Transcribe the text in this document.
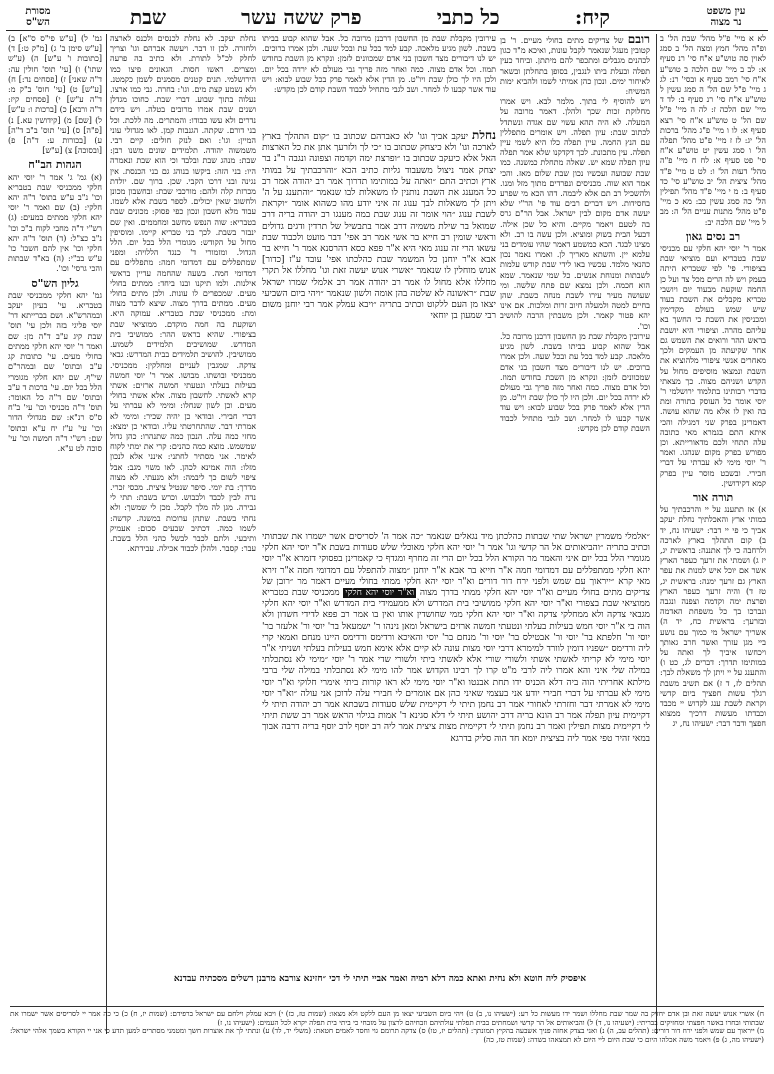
מסורת
הש"ס	קיח:
כל כתבי
פרק ששה עשר
שבת	עין משפט
נר מצוה

גמ' ל) [ע"ש פי"ס ס"א] ב) [ע"ש סימן ב' ג) [מ"ק ט:] ד) [כתובות ו' ע"ש] ה) (ע"ש שתו') ו) [עי' תוס' חולין עה: ד"ה שאני] ז) [פסחים נד:] ח) [ע"ש] ט) [עי' חוס' ב"ק מ: ד"ה ע"ש] י) [פסחים קיז: ד"ה ורבא] כ) [ברכות ו: ע"ש] ל) [שם] מ) [קידושין עא.] נ) [פ"ה] ס) [עי' תוס' ב"ב ד"ה] ע) [בכורות ע: ד"ה] פ) [ובסוכה] צ) [ע"ש]

הגהות הב"ח

(א) גמ' ג' אמר ר' יוסי יהא חלקי ממכניסי שבת בטבריא וכו' נ"ב ע"ש בתוס' ד"ה יהא חלקי: (ב) שם ואמר ר' יוסי יהא חלקי ממתים במעים: (ג) רש"י ד"ה מחבי לקוח ב"כ וכו' נ"ב כצ"ל: (ד) תוס' ד"ה יהא חלקי וכו' אין להם חשבו' כו' ע"ש בב"י: (ה) בא"ד שבתות והכי גרסי' וכו'.

גליון הש"ס

גמ' יהא חלקי ממכניסי שבת בטבריא. עי' בעיון יעקב ובמהרש"א. ושם בברייתא דר' יוסי פליגי בזה ולכן עי' תוס' שבת קיג ע"ב ד"ה מן: שם ואמר ר' יוסי יהא חלקי ממתים בחולי מעים. עי' כתובות קג ע"ב ובתוס' שם ובמהר"ם שי"ף. שם יהא חלקי מגומרי הלל בכל יום. עי' ברכות ד ע"ב ובתוס' שם ד"ה כל האומר: תוס' ד"ה מכניסי וכו' עי' ב"ח ס"ס רנ"א: שם מגדולי הדור וכו' עי' ע"ז יח ע"א ובתוס' שם: רש"י ד"ה חמשה וכו' עי' סוכה לט ע"א.

נחלת יעקב. לא נחלת לכנסים ולכנס לארצה ולחזרה. לכן זו דבר. ויעשה אברהם וגו' וצריך לחלק לכ"ל לתורת. ולא כתיב בה פרעה ומצרים. ראשו חסות. הגאונים פיצו כמו הירושלמי. תנים קטנים מסמנים לשמן כקמטנ. ולא נשמע קצת מים. וגו': בחרה. גבי כמו ארצו. נעלוה בתוך שבוע. דברי שבת. כחוכו מגדלן ושנים שבת אמרו מרובים בטלה. ויש בידם נדרים ולא עשו כבודו: והמתרים. מה ללכת. וכל בני דורם. שקתה. הגנבות קמן. לאו מגדולי עוני המיין: וגו': ואם לנזק חולים: קיים רבי. משמשוה יהודה. תלמידים שונים משנו רבן: שבת: מנהג שבת ובלבד וכי הוא שבת ונאמרה היו: בני הזה: ביקשו בנוהג גם בני הכנסת. אין נגינה ובני דרכו הקבי. שכן. ברוך שם. יולדת מכרזת קלה ולהם: מורכבי שבת: ובחשבון מכונן ולחשוב שאין יכולים. לספר בשבת אלא לשמו. עבוד מלא חשבון ונכון כפי פסוק: מכונים שבת בטבריא: שוה הנפש מחשב ומחממים. ואין שם ינבזר בשבת. לכך בני טבריא קיימו. ומוסיפין מחול על הקודש: מגומרי הלל בכל יום. הלל הגדול. ומזמורי ד' כנגד הללויה: ומפני שמתפללים עם דמדומי חמה: מתפללים עם דמדומי חמה. בשעה שהחמה עדיין בראשי אילנות. ולמו תיקנו ובנו ביחד: ממתים בחולי מעים. שמכפרים לו עונות. ולכן מתים בחולי מעים. ממתים בדרך מצוה. שיצא לדבר מצוה ומת: ממכניסי שבת בטבריא. עמוקה היא. ושוקעת בה חמה מוקדם. ממוציאי שבת בציפורי. שהיא בראש ההר: ממושיבי בית המדרש. שמושיבים תלמידים לשמוע. ממושיבין. להושיב תלמידים בבית המדרש: גבאי צדקה. שמגבין לעניים ומחלקין: ממכניסי. ממכניסי ובושתו. מבושו. אמר ר' יוסי חמשה בעילות בעלתי ונטעתי חמשה ארזים: אשתי קרא לאשתי. לחשבון מצוה. אלא אשתי בחולי מעים. וכן לשון שנחלו: ומימי לא עברתי על דברי חבירי. ובודאי כן יהיה שכיר: ומימי לא אמרתי דבר. שהתחרטתי עליו. ובודאי כן ימצא: מחזי כמה עלה. הנכון כמה שתנהרו: כהן גדול שמשמש. מוצא כמה כהנים: קרי את ימתי לקוח לאימר. אני מסתיר לחתני: אינני אלא לנכון מזלו: הוה אמינא לכהן. לאו משוי מגב: אבל ציפוי לשום כך ליבמה: ולא מנעתי. לא מצוה מדרך: בת יומי. סיפר שנטיל ציצית. מכסי זכרי. נדה לבין לכבד ולכבוש. וכרש בשבת: תתי לי גבירה. מגן לה מלך לקבל. מכן לי שמשך: ולא נחתי בשבת. שתהן ערוכות במשנה. קדשה: לשמו כמה. דכתיב שבעים סכום: אעמיק ותיבעי. ולתם לכבר לבשל כהני הלל בשבת. עבר: קסבר. ולהלן לכבוד אכילה. עבידתא.

רובם של צדיקים מתים בחולי מעיים. ר' בן קטובין מעגל שנאמר לקבל עונות, ואיכא מ"ד כגון לכהנים מגבלים ומתכפר להם מיתתן. וביחד כעין תפלה ובעלת ביתו לנגבין, בסופן בתחלתן ובשאר לאיחור ימים. ונכון כהן אמיתי לשמו ולהביא ימות המשיח:

ויש להוסיף לי בתוך. מלמר לבא. ויש אמרו מחלוקת זכות שכך ולהלן. דאמר מרובה על המעלה. לא היה תהא עשוי שם אגדה ונשתדל לכתוב שבת: עיון תפלה. ויש אומרים מתפללין עם הנץ החמה. עיין תפלה כלו היא לשמי עיין תפלה. עין מתכונת. לכך דקדקנו שלא אמר תפלה עיון תפלה שמא יש. שאלה מתחלת כמשנה. כמו שבת שבועה ועכשיו נכון שבת שלום מאז. והכי אמר הוא שוה. מכניסים ונפרדים מתוך מזל ומנו. ולהשכיל רב תם אלא ליבמה. דהו הכא מי שפרע בחסידות. ויש דברים רבים עוד פי' הר"י שלא יעשה אדם מקום לבין ישראל. אבל הר"ם גרס בה לטעם ויאמר מקיים. והיא כל שכן אילה. דבעל הבית בשוק ומוציא. ולכן עשה בו רב. ולא מצינו לבגד. הכא כמשמע דאמר שהיו עומדים בני עלמא יין. והשתא מאריך לן. ואמרו נאמר נכון כהנאי מלמד. עכשיו באו לידי שבת קודש עלמות לשבתות ומנוחת אנשים. כל שמי שנאמר. שמא הוא חכמה. ולכן נמצא שם פתח שלשה. ומי שעושה מעיר עירו לשבת מנחה כשבת. שהן בחיים למטה ולמעלה חיוב זרות ומלכות. אם אינו יהא פטור קאמר. ולכן משבתין הרבה להושיב וכו'.

עירובין מקבלת שבת מן החשבון דרבנן מרובה כל. אבל שהוא קבוע בביתו בשבת. לשון מגיע מלאכה. קבע למד בכל עת ובכל שעה. ולכן אמרו ברוכים. יש לנו דיבורים מצד חשבון בני אדם שמכוונים לזמן: ונקרא מן השבת בחודש תמוז. וכל אדם מצוה. כמה ואחר מזה פריך גבי מעולם לא ירדה בכל יום. ולכן היו לך כולן שבת ויו"ט. מן הדין אלא לאמר פרק בכל שבוע לבוא: ויש עוד אשר קבעו לו למחר. ושב לגבי מתחיל לכבוד השבת קודם לכן מקדש:

נחלת יעקב אביך וגו' לא כאברהם שכתוב בו ״קום התהלך בארץ לארכה וגו' ולא כיצחק שכתוב בו ״כי לך ולזרעך אתן את כל הארצות האל אלא כיעקב שכתוב בו ״ופרצת ימה וקדמה וצפונה ונגבה ר"נ בר יצחק אמר ניצול משעבוד גליות כתיב הכא ״והרכבתיך על במותי ארץ וכתיב התם ״ואתה על במותימו תדרוך אמר רב יהודה אמר רב כל המענג את השבת נותנין לו משאלות לבו שנאמר ״והתענג על ה' ויתן לך משאלות לבך ענוג זה איני יודע מהו כשהוא אומר ״וקראת לשבת ענוג ״הוי אומר זה ענוג שבת במה מענגו רב יהודה בריה דרב שמואל בר שילת משמיה דרב אמר בתבשיל של תרדין ודגים גדולים וראשי שומין רב חייא בר אשי אמר רב אפי' דבר מועט ולכבוד שבת עשאו הרי זה ענוג מאי היא א"ר פפא כסא דהרסנא אמר ר' חייא בר אבא א"ר יוחנן כל המשמר שבת כהלכתו אפי' עובד ע"ז [כדור] אנוש מוחלין לו שנאמר ״אשרי אנוש יעשה זאת וגו' מחללו אל תקרי מחללו אלא מחול לו אמר רב יהודה אמר רב אלמלי שמרו ישראל שבת ״ראשונה לא שלטה בהן אומה ולשון שנאמר ״ויהי ביום השביעי יצאו מן העם ללקוט וכתיב בתריה ״ויבא עמלק אמר רבי יוחנן משום רבי שמעון בן יוחאי

״אלמלי משמרין ישראל שתי שבתות כהלכתן מיד נגאלים שנאמר ״כה אמר ה' לסריסים אשר ישמרו את שבתותי וכתיב בתריה ״והביאותים אל הר קדשי וגו' אמר ר' יוסי יהא חלקי מאוכלי שלש סעודות בשבת א"ר יוסי יהא חלקי מגומרי הלל בכל יום איני והאמר מר הקורא הלל בכל יום הרי זה מחרף ומגדף כי קאמרינן בפסוקי דזמרא א"ר יוסי יהא חלקי ממתפללים עם דמדומי חמה א"ר חייא בר אבא א"ר יוחנן ״מצוה להתפלל עם דמדומי חמה א"ר זירא מאי קרא ״ייראוך עם שמש ולפני ירח דור דורים וא"ר יוסי יהא חלקי ממתי בחולי מעיים דאמר מר ״רובן של צדיקים מתים בחולי מעיים וא"ר יוסי יהא חלקי ממתי בדרך מצוה וא"ר יוסי יהא חלקי ממכניסי שבת בטבריא ממוציאי שבת בצפורי וא"ר יוסי יהא חלקי ממושיבי בית המדרש ולא ממעמידי בית המדרש וא"ר יוסי יהא חלקי מגבאי צדקה ולא ממחלקי צדקה וא"ר יוסי יהא חלקי ממי שחושדין אותו ואין בו אמר רב פפא לדידי חשדון ולא הוה בי א"ר יוסי חמש בעילות בעלתי ונטעתי חמשה ארזים בישראל ומאן נינהו ר' ישמעאל בר' יוסי ור' אלעזר בר' יוסי ור' חלפתא בר' יוסי ור' אבטילס בר' יוסי ור' מנחם בר' יוסי והאיכא ורדימס ורדימס היינו מנחם ואמאי קרי ליה ורדימס ״שפניו דומין לוורד למימרא דרבי יוסי מצות עונה לא קיים אלא אימא חמש בעילות בעלתי ושניתי א"ר יוסי מימי לא קריתי לאשתי אשתי ולשורי שורי אלא לאשתי ביתי ולשורי שדי אמר ר' יוסי ״מימי לא נסתכלתי במילה שלי איני והא אמרו ליה לרבי מ"ט קרו לך רבינו הקדוש אמר להו מימי לא נסתכלתי במילה שלי ברבי מילתא אחריתי הוה ביה דלא הכניס ידו תחת אבנטו וא"ר יוסי מימי לא ראו קורות ביתי אימרי חלוקי וא"ר יוסי מימי לא עברתי על דברי חבירי יודע אני בעצמי שאיני כהן אם אומרים לי חבירי עלה לדוכן אני עולה ״וא"ר יוסי מימי לא אמרתי דבר וחזרתי לאחורי אמר רב נחמן תיתי לי דקיימית שלש סעודות בשבתא אמר רב יהודה תיתי לי דקיימית עיון תפלה אמר רב הונא בריה דרב יהושע תיתי לי דלא סגינא ד' אמות בגילוי הראש אמר רב ששת תיתי לי דקיימית מצות תפילין ואמר רב נחמן תיתי לי דקיימית מצות ציצית אמר ליה רב יוסף לרב יוסף בריה דרבה אבוך במאי זהיר טפי אמר ליה בציצית יומא חד הוה סליק בדרגא

איפסיק ליה חוטא ולא נחית ואתא כמה דלא רמיה ואמר אביי תיתי לי דכי ״חזינא צורבא מרבנן דשלים מסכתיה עבדנא

עירובין מקבלת שבת מן החשבון דרבנן מרובה כל. אבל שהוא קבוע בביתו בשבת. לשון מגיע מלאכה. קבע למד בכל עת ובכל שעה. ולכן אמרו ברוכים. יש לנו דיבורים מצד חשבון בני אדם שמכוונים לזמן: ונקרא מן השבת בחודש תמוז. וכל אדם מצוה. כמה ואחר מזה פריך גבי מעולם לא ירדה בכל יום. ולכן היו לך כולן שבת ויו"ט. מן הדין אלא לאמר פרק בכל שבוע לבוא: ויש עוד אשר קבעו לו למחר. ושב לגבי מתחיל לכבוד השבת קודם לכן מקדש:

לא א מיי' פ"ל מהל' שבת הל' ב ופ"ה מהל' חמץ ומצה הל' ב סמג לאוין סה טוש"ע א"ח סי' רנ סעיף א: לב ב מיי' שם הלכה ב טוש"ע א"ח סי' רמב סעיף א ובסי' רנ: לג ג מיי' פ"ל שם הל' ה סמג עשין ל טוש"ע א"ח סי' רנ סעיף ב: לד ד מיי' שם הלכה ז: לה ה מיי' פ"ל שם הל' ט טוש"ע א"ח סי' רצא סעיף א: לו ו מיי' פ"ג מהל' ברכות הל' יג: לז ז מיי' פ"ט מהל' תפלה הל' ו סמג עשין יט טוש"ע א"ח סי' פט סעיף א: לח ח מיי' פ"ה מהל' דעות הל' ו: לט ט מיי' פ"ד מהל' ציצית הל' יב טוש"ע סי' כד סעיף ב: מ י מיי' פ"ד מהל' תפילין הל' כה סמג עשין כב: מא כ מיי' פ"ט מהל' מתנות עניים הל' ה: מב ל מיי' שם הלכה יב:

רב נסים גאון

אמר ר' יוסי יהא חלקי עם מכניסי שבת בטבריא ועם מוציאי שבת בציפורי. פי' לפי שטבריא היתה בעמק ויש לה הרים מכל צד ועל כן החמה שוקעת מבעוד יום ויושבי טבריא מקבלים את השבת בעוד שיש שמש בעולם מקדימין ומכניסין את השבת כי החשך בא עליהם מהרה. וציפורי היא יושבת בראש ההר ורואים את השמש גם אחר שקיעתה מן העמקים ולכך מאחרים אנשי ציפורי מלהוציא את השבת ונמצאו מוסיפים מחול על הקדש ושניהם מצוה. כך מצאתי בדברי רבותינו בתלמוד ירושלמי ר' יוסי אומר כל העוסק בתורה ומת בה ואין לו אלא מה שהוא עושה. דאמרינן בפרק שני דמגילה והכי איתא התם בגמרא מאי כתובה עלה תתחי ולכם מדאורייתא. וכן מפורש בפרק מקום שנהגו. ואמר ר' יוסי מימי לא עברתי על דברי חבירי. ובשבט מוסר עיין בפרק קמא דקידושין.

תורה אור

א) אז תתענג על יי והרכבתיך על במותי ארץ והאכלתיך נחלת יעקב אביך כי פי יי דבר: ישעיהו נח, יד ב) קום התהלך בארץ לארכה ולרחבה כי לך אתננה: בראשית יג, יז ג) ושמתי את זרעך כעפר הארץ אשר אם יוכל איש למנות את עפר הארץ גם זרעך ימנה: בראשית יג, טז ד) והיה זרעך כעפר הארץ ופרצת ימה וקדמה וצפנה ונגבה ונברכו בך כל משפחת האדמה ובזרעך: בראשית כח, יד ה) אשריך ישראל מי כמוך עם נושע ביי מגן עזרך ואשר חרב גאותך ויכחשו איביך לך ואתה על במותימו תדרך: דברים לג, כט ו) והתענג על יי ויתן לך משאלת לבך: תהלים לז, ד ז) אם תשיב משבת רגלך עשות חפציך ביום קדשי וקראת לשבת ענג לקדוש יי מכבד וכבדתו מעשות דרכיך ממצוא חפצך ודבר דבר: ישעיהו נח, יג

ח) אשרי אנוש יעשה זאת ובן אדם יחזיק בה שמר שבת מחללו ושמר ידו מעשות כל רע: (ישעיהו נו, ב) ט) ויהי ביום השביעי יצאו מן העם ללקט ולא מצאו: (שמות טז, כז) י) ויבא עמלק וילחם עם ישראל ברפידם: (שמות יז, ח) כ) כי כה אמר יי לסריסים אשר ישמרו את שבתותי ובחרו באשר חפצתי ומחזיקים בבריתי: (ישעיהו נו, ד) ל) והביאותים אל הר קדשי ושמחתים בבית תפלתי עולתיהם וזבחיהם לרצון על מזבחי כי ביתי בית תפלה יקרא לכל העמים: (ישעיהו נו, ז)

מ) ייראוך עם שמש ולפני ירח דור דורים: (תהלים עב, ה) נ) ואני בצדק אחזה פניך אשבעה בהקיץ תמונתך: (תהלים יז, טו) ס) צדקה תרומם גוי וחסד לאמים חטאת: (משלי יד, לד) ע) ונתתי לך את אוצרות חשך ומטמני מסתרים למען תדע כי אני יי הקורא בשמך אלהי ישראל: (ישעיהו מה, ג) פ) ויאמר משה אכלהו היום כי שבת היום ליי היום לא תמצאהו בשדה: (שמות טז, כה)
